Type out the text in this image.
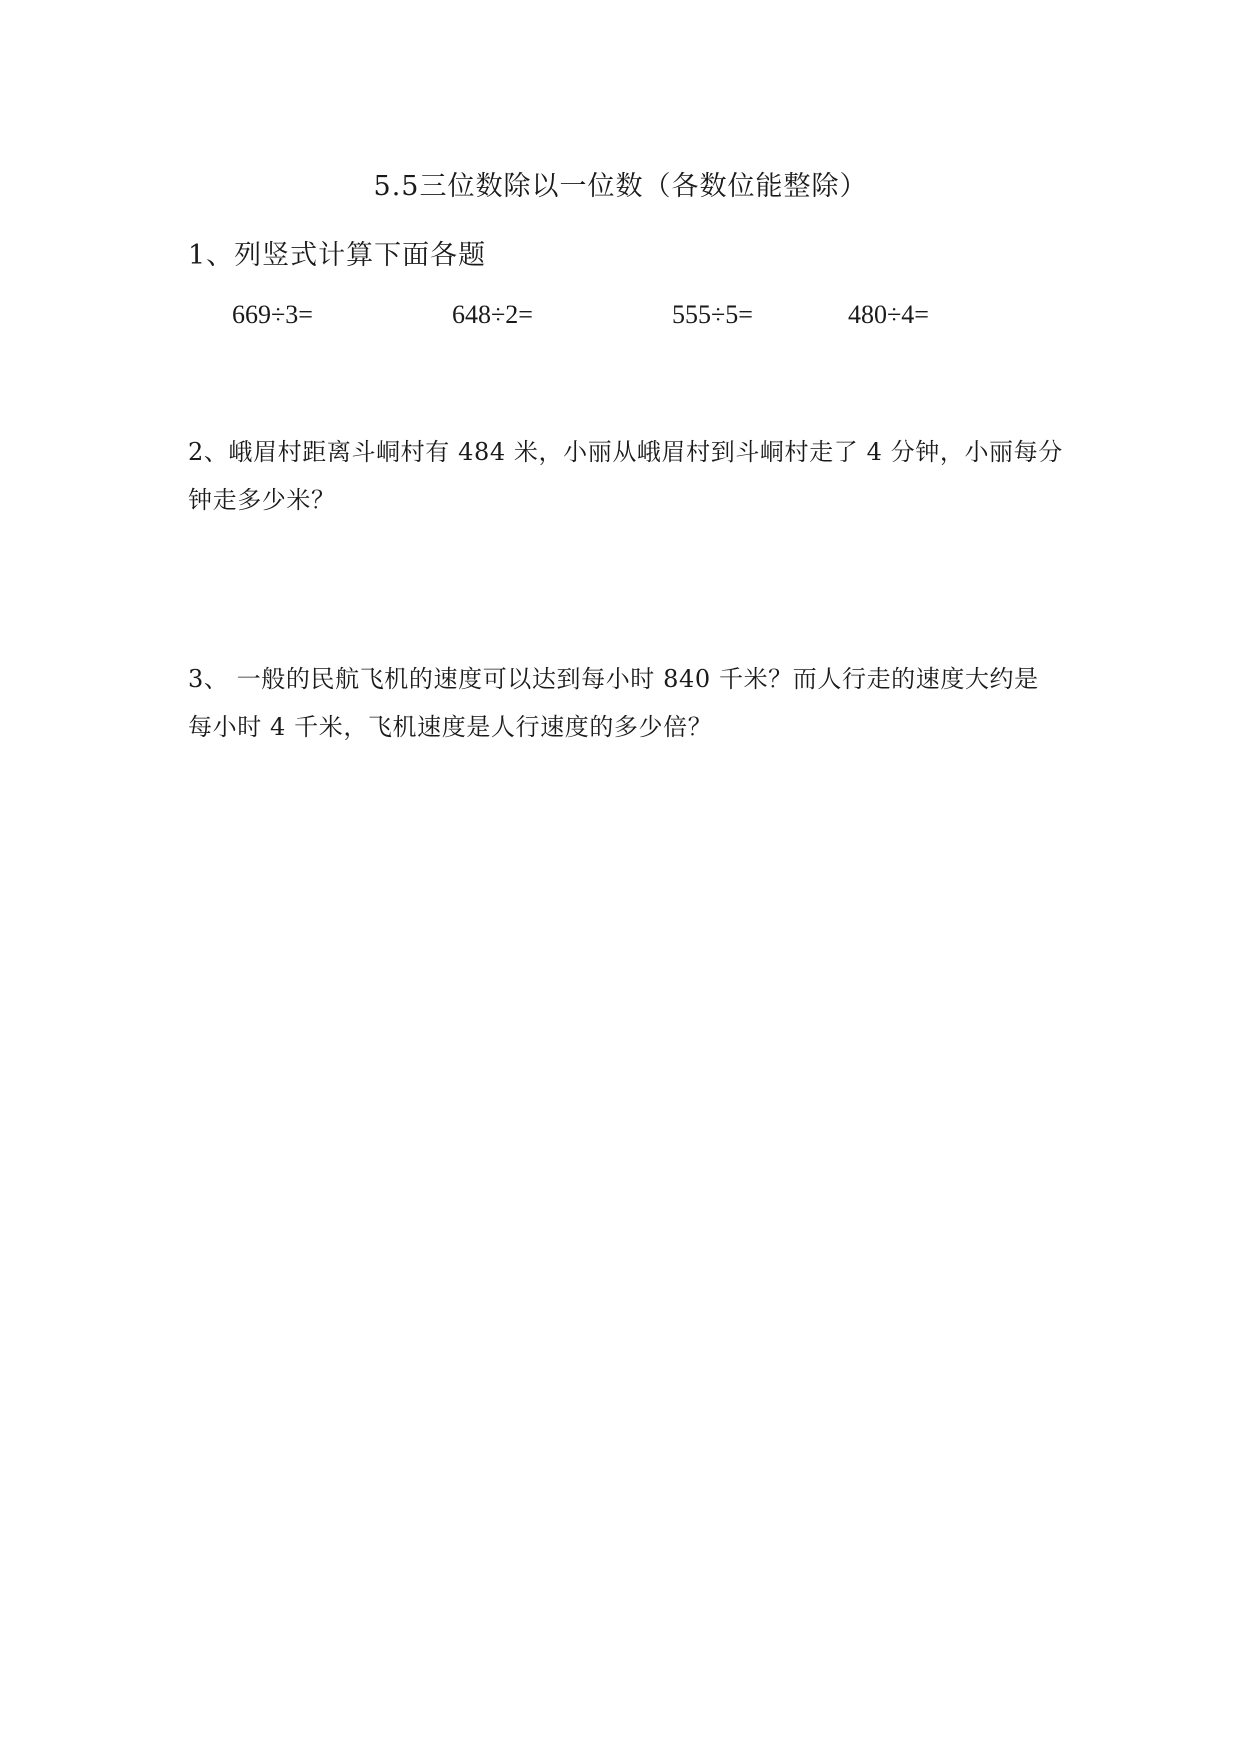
5.5三位数除以一位数（各数位能整除）
1、列竖式计算下面各题
669÷3=	648÷2=	555÷5=	480÷4=
2、峨眉村距离斗峒村有 484 米，小丽从峨眉村到斗峒村走了 4 分钟，小丽每分
钟走多少米？
3、 一般的民航飞机的速度可以达到每小时 840 千米？而人行走的速度大约是
每小时 4 千米，飞机速度是人行速度的多少倍？
